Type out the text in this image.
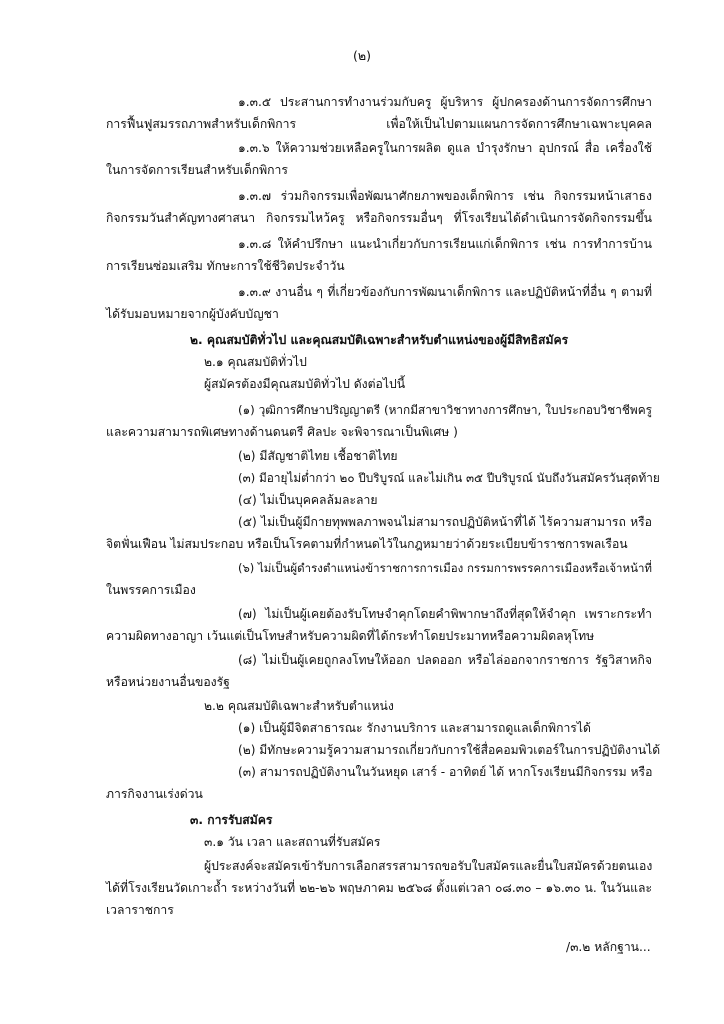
(๒)
๑.๓.๕ ประสานการทำงานร่วมกับครู ผู้บริหาร ผู้ปกครองด้านการจัดการศึกษา
การฟื้นฟูสมรรถภาพสำหรับเด็กพิการ เพื่อให้เป็นไปตามแผนการจัดการศึกษาเฉพาะบุคคล
๑.๓.๖ ให้ความช่วยเหลือครูในการผลิต ดูแล บำรุงรักษา อุปกรณ์ สื่อ เครื่องใช้
ในการจัดการเรียนสำหรับเด็กพิการ
๑.๓.๗ ร่วมกิจกรรมเพื่อพัฒนาศักยภาพของเด็กพิการ เช่น กิจกรรมหน้าเสาธง
กิจกรรมวันสำคัญทางศาสนา กิจกรรมไหว้ครู หรือกิจกรรมอื่นๆ ที่โรงเรียนได้ดำเนินการจัดกิจกรรมขึ้น
๑.๓.๘ ให้คำปรึกษา แนะนำเกี่ยวกับการเรียนแก่เด็กพิการ เช่น การทำการบ้าน
การเรียนซ่อมเสริม ทักษะการใช้ชีวิตประจำวัน
๑.๓.๙ งานอื่น ๆ ที่เกี่ยวข้องกับการพัฒนาเด็กพิการ และปฏิบัติหน้าที่อื่น ๆ ตามที่
ได้รับมอบหมายจากผู้บังคับบัญชา
๒. คุณสมบัติทั่วไป และคุณสมบัติเฉพาะสำหรับตำแหน่งของผู้มีสิทธิสมัคร
๒.๑ คุณสมบัติทั่วไป
ผู้สมัครต้องมีคุณสมบัติทั่วไป ดังต่อไปนี้
(๑) วุฒิการศึกษาปริญญาตรี (หากมีสาขาวิชาทางการศึกษา, ใบประกอบวิชาชีพครู
และความสามารถพิเศษทางด้านดนตรี ศิลปะ จะพิจารณาเป็นพิเศษ )
(๒) มีสัญชาติไทย เชื้อชาติไทย
(๓) มีอายุไม่ต่ำกว่า ๒๐ ปีบริบูรณ์ และไม่เกิน ๓๕ ปีบริบูรณ์ นับถึงวันสมัครวันสุดท้าย
(๔) ไม่เป็นบุคคลล้มละลาย
(๕) ไม่เป็นผู้มีกายทุพพลภาพจนไม่สามารถปฏิบัติหน้าที่ได้ ไร้ความสามารถ หรือ
จิตฟั่นเฟือน ไม่สมประกอบ หรือเป็นโรคตามที่กำหนดไว้ในกฎหมายว่าด้วยระเบียบข้าราชการพลเรือน
(๖) ไม่เป็นผู้ดำรงตำแหน่งข้าราชการการเมือง กรรมการพรรคการเมืองหรือเจ้าหน้าที่
ในพรรคการเมือง
(๗) ไม่เป็นผู้เคยต้องรับโทษจำคุกโดยคำพิพากษาถึงที่สุดให้จำคุก เพราะกระทำ
ความผิดทางอาญา เว้นแต่เป็นโทษสำหรับความผิดที่ได้กระทำโดยประมาทหรือความผิดลหุโทษ
(๘) ไม่เป็นผู้เคยถูกลงโทษให้ออก ปลดออก หรือไล่ออกจากราชการ รัฐวิสาหกิจ
หรือหน่วยงานอื่นของรัฐ
๒.๒ คุณสมบัติเฉพาะสำหรับตำแหน่ง
(๑) เป็นผู้มีจิตสาธารณะ รักงานบริการ และสามารถดูแลเด็กพิการได้
(๒) มีทักษะความรู้ความสามารถเกี่ยวกับการใช้สื่อคอมพิวเตอร์ในการปฏิบัติงานได้
(๓) สามารถปฏิบัติงานในวันหยุด เสาร์ - อาทิตย์ ได้ หากโรงเรียนมีกิจกรรม หรือ
ภารกิจงานเร่งด่วน
๓. การรับสมัคร
๓.๑ วัน เวลา และสถานที่รับสมัคร
ผู้ประสงค์จะสมัครเข้ารับการเลือกสรรสามารถขอรับใบสมัครและยื่นใบสมัครด้วยตนเอง
ได้ที่โรงเรียนวัดเกาะถ้ำ ระหว่างวันที่ ๒๒-๒๖ พฤษภาคม ๒๕๖๘ ตั้งแต่เวลา ๐๘.๓๐ – ๑๖.๓๐ น. ในวันและ
เวลาราชการ
/๓.๒ หลักฐาน...
